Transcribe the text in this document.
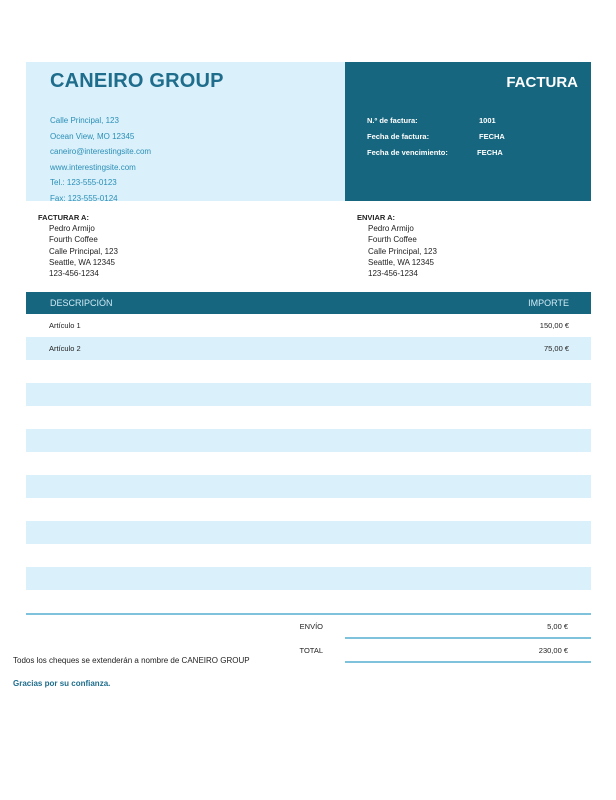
CANEIRO GROUP
Calle Principal, 123
Ocean View, MO 12345
caneiro@interestingsite.com
www.interestingsite.com
Tel.: 123-555-0123
Fax: 123-555-0124
FACTURA
N.º de factura:	1001
Fecha de factura:	FECHA
Fecha de vencimiento:	FECHA
FACTURAR A:
Pedro Armijo
Fourth Coffee
Calle Principal, 123
Seattle, WA 12345
123-456-1234
ENVIAR A:
Pedro Armijo
Fourth Coffee
Calle Principal, 123
Seattle, WA 12345
123-456-1234
DESCRIPCIÓN	IMPORTE
Artículo 1	150,00 €
Artículo 2	75,00 €
ENVÍO	5,00 €
TOTAL	230,00 €
Todos los cheques se extenderán a nombre de CANEIRO GROUP
Gracias por su confianza.
